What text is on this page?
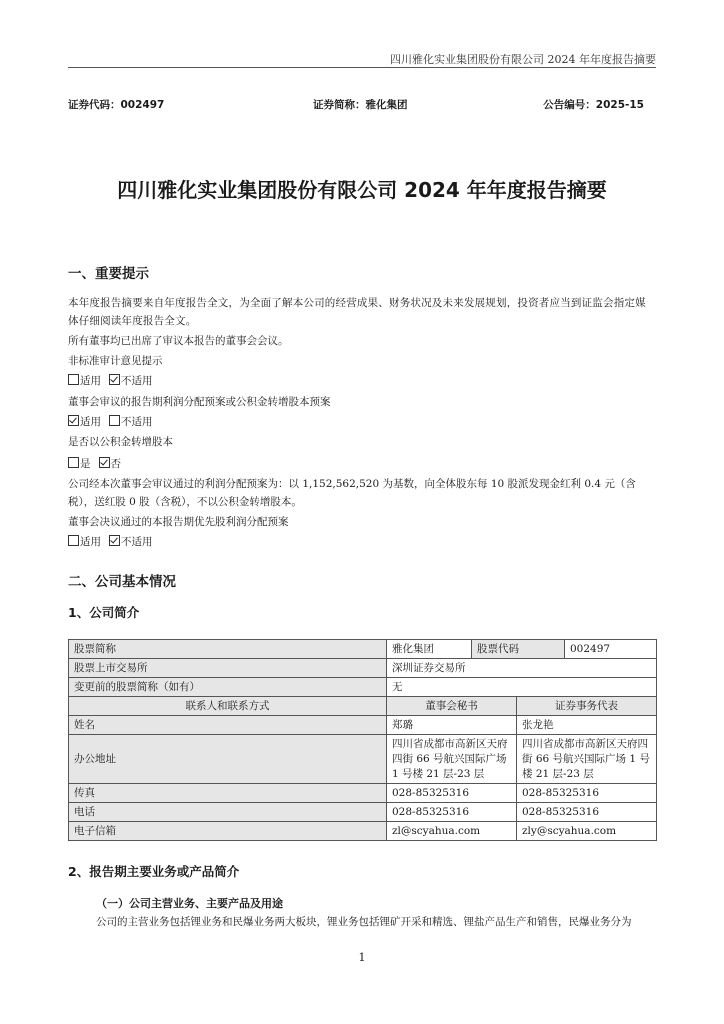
四川雅化实业集团股份有限公司 2024 年年度报告摘要
证券代码：002497	证券简称：雅化集团	公告编号：2025-15
四川雅化实业集团股份有限公司 2024 年年度报告摘要
一、重要提示
本年度报告摘要来自年度报告全文，为全面了解本公司的经营成果、财务状况及未来发展规划，投资者应当到证监会指定媒体仔细阅读年度报告全文。
所有董事均已出席了审议本报告的董事会会议。
非标准审计意见提示
适用 不适用
董事会审议的报告期利润分配预案或公积金转增股本预案
适用 不适用
是否以公积金转增股本
是 否
公司经本次董事会审议通过的利润分配预案为：以 1,152,562,520 为基数，向全体股东每 10 股派发现金红利 0.4 元（含
税），送红股 0 股（含税），不以公积金转增股本。
董事会决议通过的本报告期优先股利润分配预案
适用 不适用
二、公司基本情况
1、公司简介
股票简称	雅化集团	股票代码		002497
股票上市交易所	深圳证券交易所			
变更前的股票简称（如有）	无			
联系人和联系方式	董事会秘书		证券事务代表	
姓名	郑璐		张龙艳	
办公地址	四川省成都市高新区天府四街 66 号航兴国际广场 1 号楼 21 层-23 层		四川省成都市高新区天府四街 66 号航兴国际广场 1 号楼 21 层-23 层	
传真	028-85325316		028-85325316	
电话	028-85325316		028-85325316	
电子信箱	zl@scyahua.com		zly@scyahua.com	
2、报告期主要业务或产品简介
（一）公司主营业务、主要产品及用途
公司的主营业务包括锂业务和民爆业务两大板块，锂业务包括锂矿开采和精选、锂盐产品生产和销售，民爆业务分为
1
